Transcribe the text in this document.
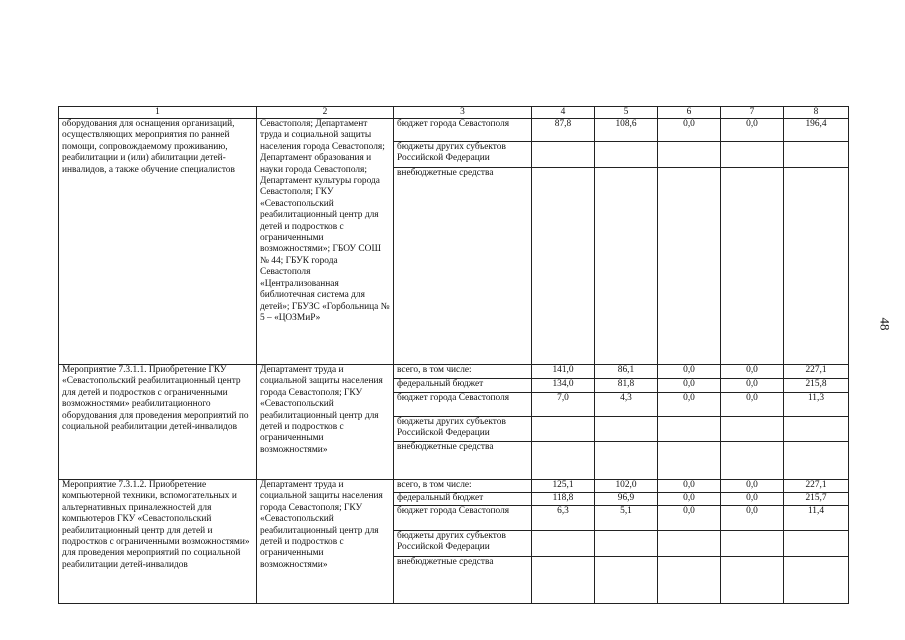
1	2	3	4	5	6	7	8
оборудования для оснащения организаций, осуществляющих мероприятия по ранней помощи, сопровождаемому проживанию, реабилитации и (или) абилитации детей-инвалидов, а также обучение специалистов	Севастополя; Департамент труда и социальной защиты населения города Севастополя; Департамент образования и науки города Севастополя; Департамент культуры города Севастополя; ГКУ «Севастопольский реабилитационный центр для детей и подростков с ограниченными возможностями»; ГБОУ СОШ № 44; ГБУК города Севастополя «Централизованная библиотечная система для детей»; ГБУЗС «Горбольница № 5 – «ЦОЗМиР»	бюджет города Севастополя	87,8	108,6	0,0	0,0	196,4
		бюджеты других субъектов Российской Федерации					
		внебюджетные средства					
Мероприятие 7.3.1.1. Приобретение ГКУ «Севастопольский реабилитационный центр для детей и подростков с ограниченными возможностями» реабилитационного оборудования для проведения мероприятий по социальной реабилитации детей-инвалидов	Департамент труда и социальной защиты населения города Севастополя; ГКУ «Севастопольский реабилитационный центр для детей и подростков с ограниченными возможностями»	всего, в том числе:	141,0	86,1	0,0	0,0	227,1
		федеральный бюджет	134,0	81,8	0,0	0,0	215,8
		бюджет города Севастополя	7,0	4,3	0,0	0,0	11,3
		бюджеты других субъектов Российской Федерации					
		внебюджетные средства					
Мероприятие 7.3.1.2. Приобретение компьютерной техники, вспомогательных и альтернативных приналежностей для компьютеров ГКУ «Севастопольский реабилитационный центр для детей и подростков с ограниченными возможностями» для проведения мероприятий по социальной реабилитации детей-инвалидов	Департамент труда и социальной защиты населения города Севастополя; ГКУ «Севастопольский реабилитационный центр для детей и подростков с ограниченными возможностями»	всего, в том числе:	125,1	102,0	0,0	0,0	227,1
		федеральный бюджет	118,8	96,9	0,0	0,0	215,7
		бюджет города Севастополя	6,3	5,1	0,0	0,0	11,4
		бюджеты других субъектов Российской Федерации					
		внебюджетные средства					
48
